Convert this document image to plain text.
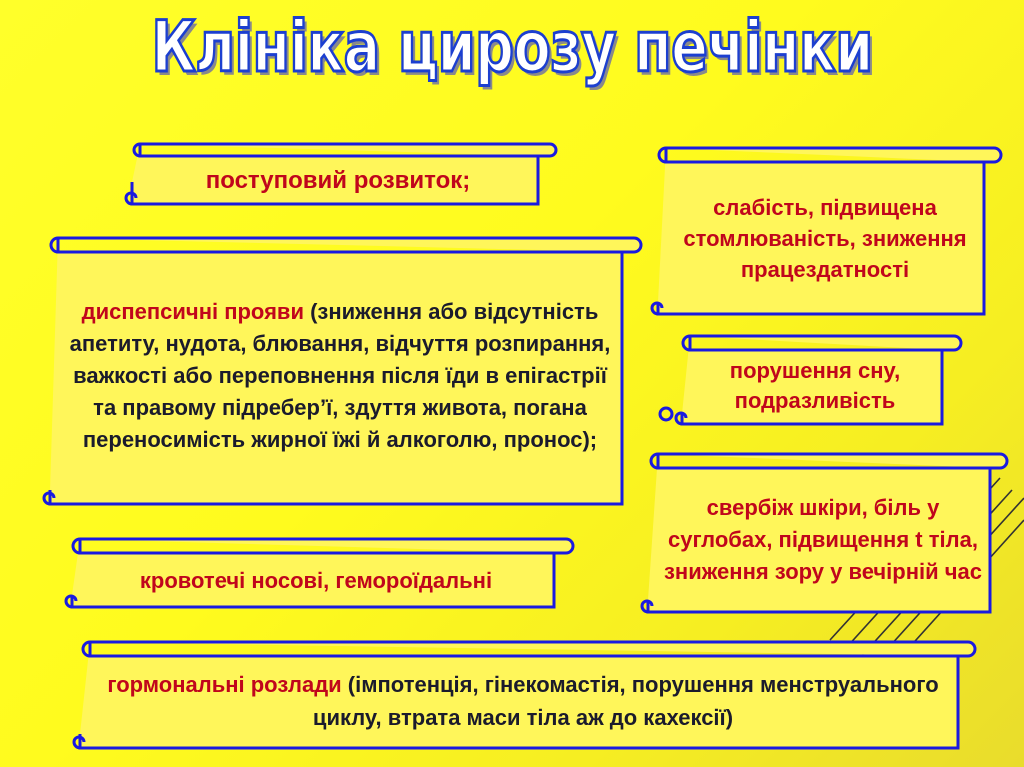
Клініка цирозу печінки
поступовий розвиток;
диспепсичні прояви (зниження або відсутність апетиту, нудота, блювання, відчуття розпирання, важкості або переповнення після їди в епігастрії та правому підребер’ї, здуття живота, погана переносимість жирної їжі й алкоголю, пронос);
кровотечі носові, гемороїдальні
слабість, підвищена стомлюваність, зниження працездатності
порушення сну, подразливість
свербіж шкіри, біль у суглобах, підвищення t тіла, зниження зору у вечірній час
гормональні розлади (імпотенція, гінекомастія, порушення менструального циклу, втрата маси тіла аж до кахексії)
